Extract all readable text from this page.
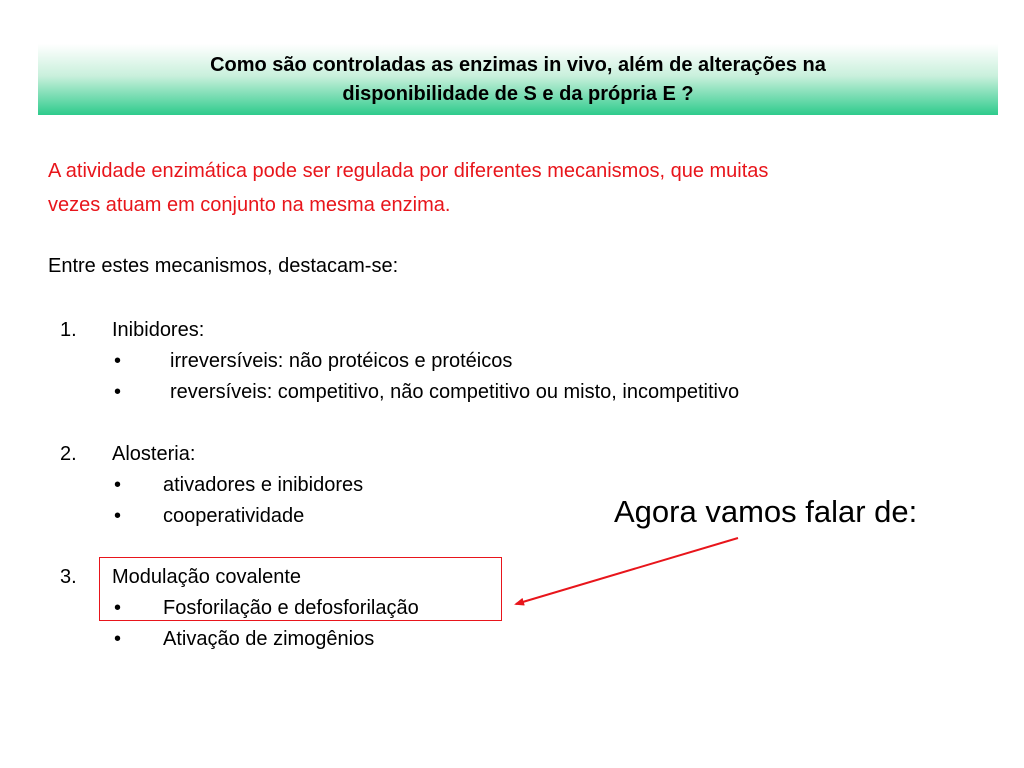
Como são controladas as enzimas in vivo, além de alterações na
disponibilidade de S e da própria E ?

A atividade enzimática pode ser regulada por diferentes mecanismos, que muitas
vezes atuam em conjunto na mesma enzima.

Entre estes mecanismos, destacam-se:

1. Inibidores:
• irreversíveis: não protéicos e protéicos
• reversíveis: competitivo, não competitivo ou misto, incompetitivo
2. Alosteria:
• ativadores e inibidores
• cooperatividade
3. Modulação covalente
• Fosforilação e defosforilação
• Ativação de zimogênios
Agora vamos falar de:
